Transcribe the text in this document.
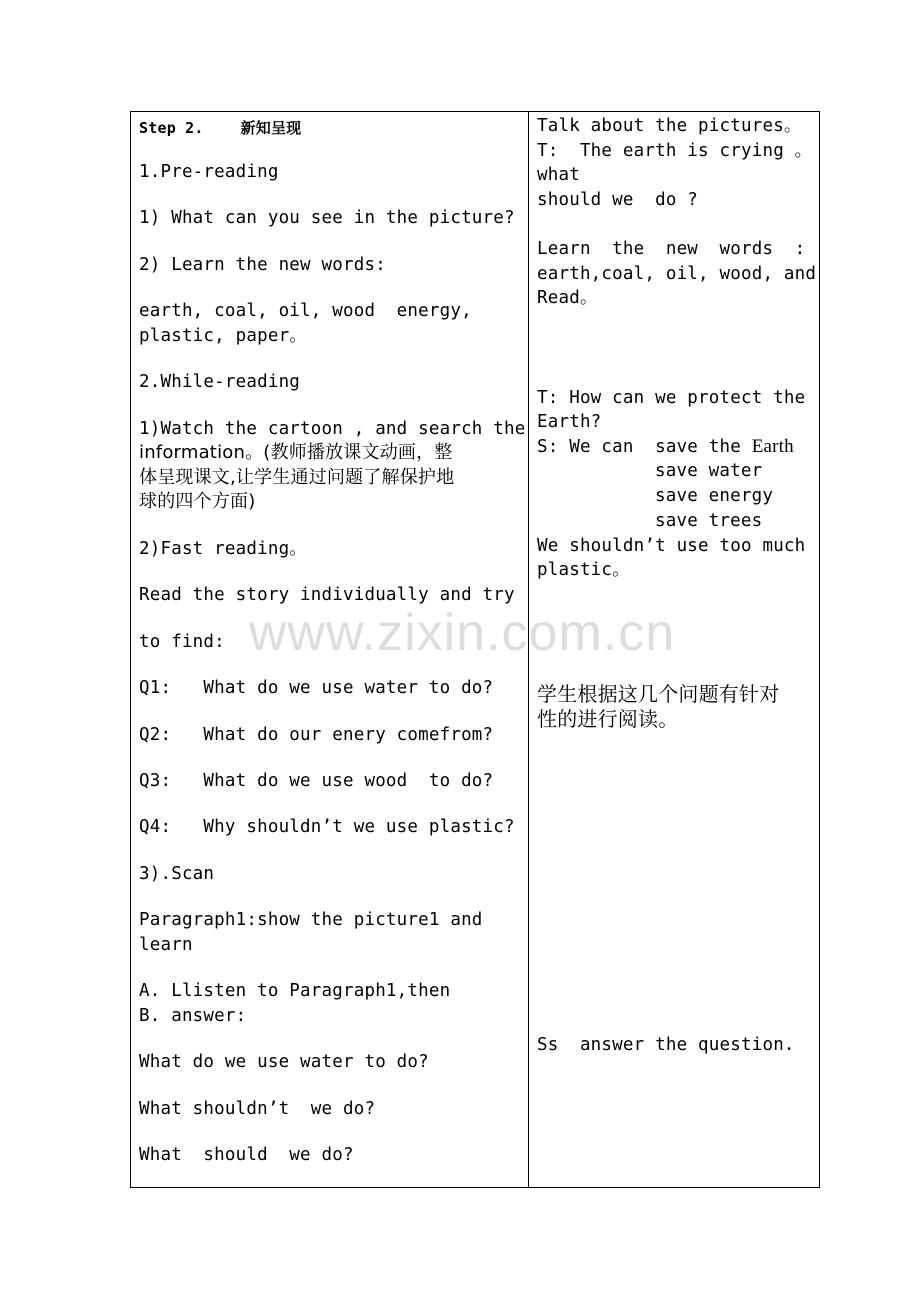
Step 2.    新知呈现
1.Pre-reading
1) What can you see in the picture?
2) Learn the new words:
earth, coal, oil, wood  energy,
plastic, paper。
2.While-reading
1)Watch the cartoon , and search the
information。(教师播放课文动画，整
体呈现课文,让学生通过问题了解保护地
球的四个方面)
2)Fast reading。
Read the story individually and try
to find:
Q1:   What do we use water to do?
Q2:   What do our enery comefrom?
Q3:   What do we use wood  to do?
Q4:   Why shouldn’t we use plastic?
3).Scan
Paragraph1:show the picture1 and
learn
A. Llisten to Paragraph1,then
B. answer:
What do we use water to do?
What shouldn’t  we do?
What  should  we do?
Talk about the pictures。
T:  The earth is crying 。
what
should we  do ?
Learn  the  new  words  :
earth,coal, oil, wood, and
Read。
T: How can we protect the
Earth?
S: We can  save the Earth
save water
save energy
save trees
We shouldn’t use too much
plastic。
学生根据这几个问题有针对
性的进行阅读。
Ss  answer the question.
www.zixin.com.cn
